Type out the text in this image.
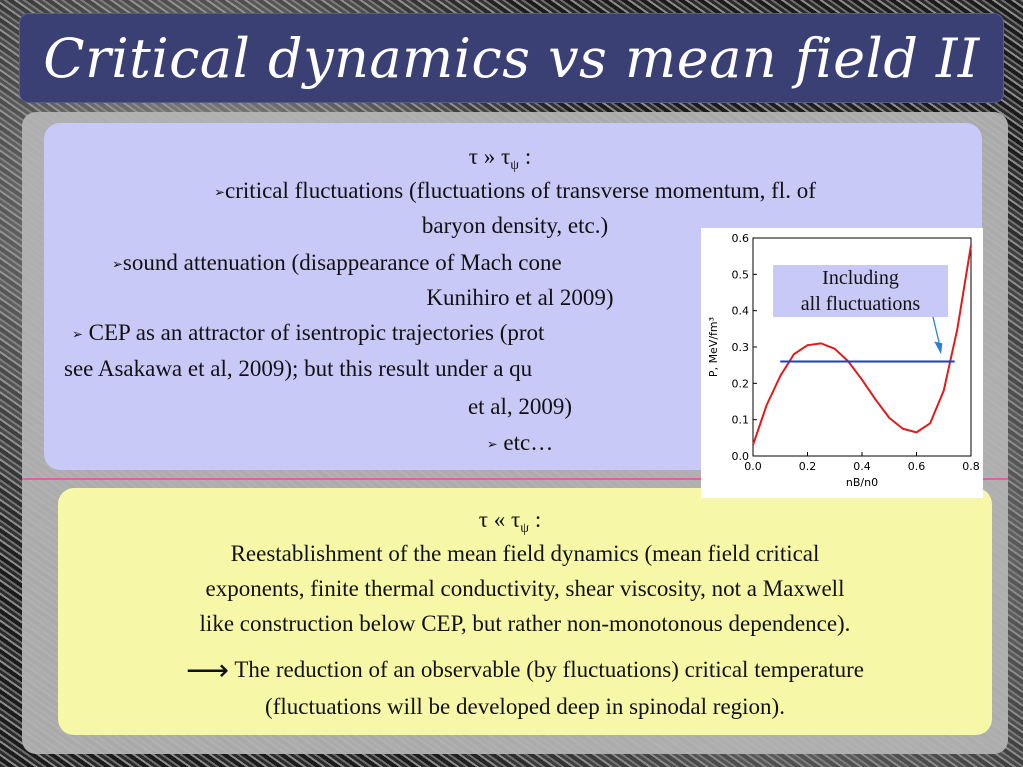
Critical dynamics vs mean field II
τ » $\tau_\psi$ :
➢critical fluctuations (fluctuations of transverse momentum, fl. of
baryon density, etc.)
➢sound attenuation (disappearance of Mach cone
Kunihiro et al 2009)
➢ CEP as an attractor of isentropic trajectories (prot
see Asakawa et al, 2009); but this result under a qu
et al, 2009)
➢ etc…
0.0	0.2	0.4	0.6	0.8
0.0
0.1
0.2
0.3
0.4
0.5
0.6
nB/n0
P, MeV/fm³
Including
all fluctuations
τ « $\tau_\psi$ :
Reestablishment of the mean field dynamics (mean field critical
exponents, finite thermal conductivity, shear viscosity, not a Maxwell
like construction below CEP, but rather non-monotonous dependence).
⟶ The reduction of an observable (by fluctuations) critical temperature
(fluctuations will be developed deep in spinodal region).
